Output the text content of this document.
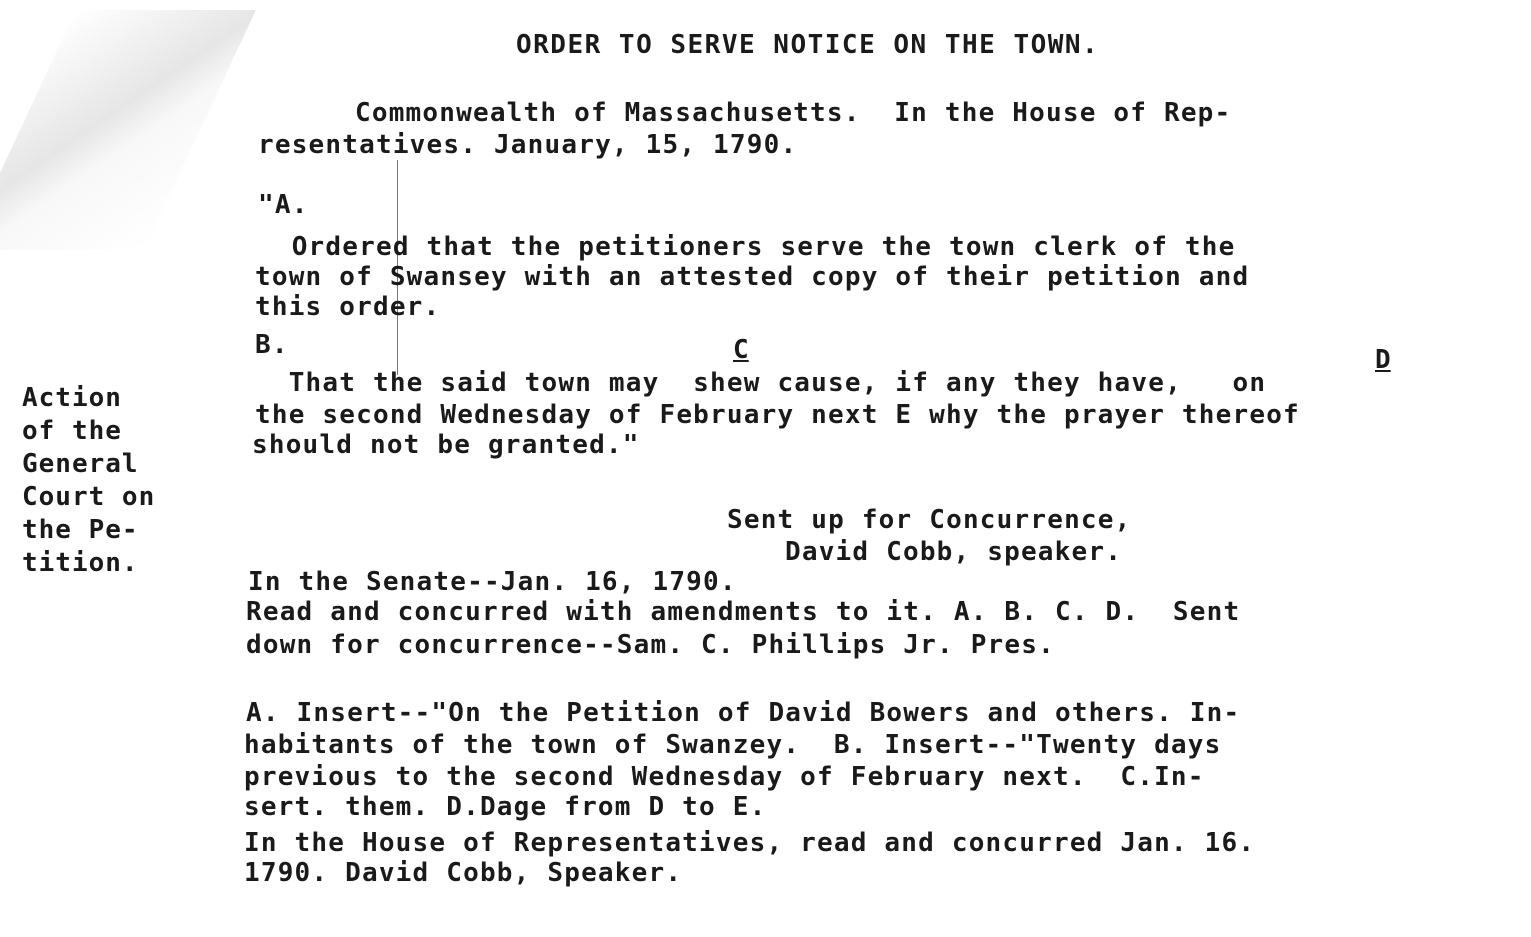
ORDER TO SERVE NOTICE ON THE TOWN.
Commonwealth of Massachusetts.  In the House of Rep-
resentatives. January, 15, 1790.
"A.
Ordered that the petitioners serve the town clerk of the
town of Swansey with an attested copy of their petition and
this order.
B.	C	D
That the said town may  shew cause, if any they have,   on
the second Wednesday of February next E why the prayer thereof
should not be granted."
Sent up for Concurrence,
David Cobb, speaker.
In the Senate--Jan. 16, 1790.
Read and concurred with amendments to it. A. B. C. D.  Sent
down for concurrence--Sam. C. Phillips Jr. Pres.
A. Insert--"On the Petition of David Bowers and others. In-
habitants of the town of Swanzey.  B. Insert--"Twenty days
previous to the second Wednesday of February next.  C.In-
sert. them. D.Dage from D to E.
In the House of Representatives, read and concurred Jan. 16.
1790. David Cobb, Speaker.
Action
of the
General
Court on
the Pe-
tition.
